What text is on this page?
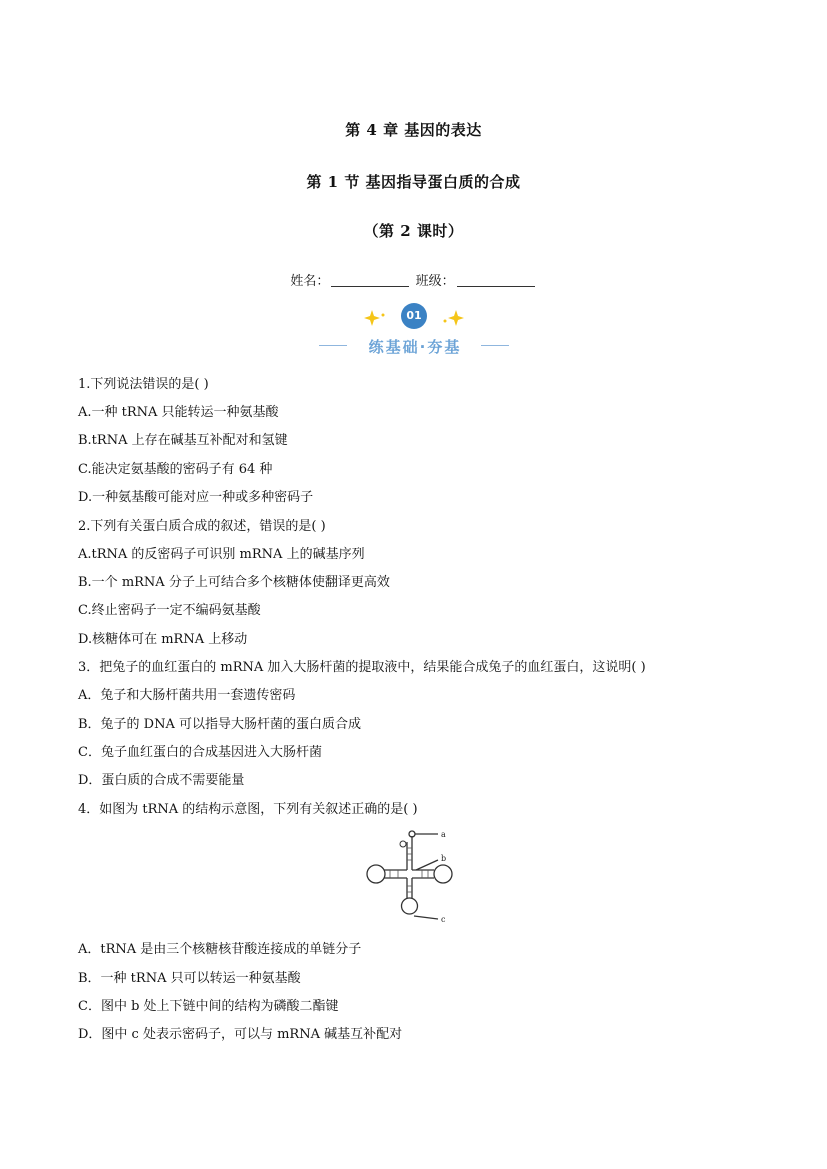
第 4 章 基因的表达
第 1 节 基因指导蛋白质的合成
（第 2 课时）
姓名：	班级：
01
练基础·夯基
1.下列说法错误的是( )
A.一种 tRNA 只能转运一种氨基酸
B.tRNA 上存在碱基互补配对和氢键
C.能决定氨基酸的密码子有 64 种
D.一种氨基酸可能对应一种或多种密码子
2.下列有关蛋白质合成的叙述，错误的是( )
A.tRNA 的反密码子可识别 mRNA 上的碱基序列
B.一个 mRNA 分子上可结合多个核糖体使翻译更高效
C.终止密码子一定不编码氨基酸
D.核糖体可在 mRNA 上移动
3．把兔子的血红蛋白的 mRNA 加入大肠杆菌的提取液中，结果能合成兔子的血红蛋白，这说明( )
A．兔子和大肠杆菌共用一套遗传密码
B．兔子的 DNA 可以指导大肠杆菌的蛋白质合成
C．兔子血红蛋白的合成基因进入大肠杆菌
D．蛋白质的合成不需要能量
4．如图为 tRNA 的结构示意图，下列有关叙述正确的是( )
a
b
c
A．tRNA 是由三个核糖核苷酸连接成的单链分子
B．一种 tRNA 只可以转运一种氨基酸
C．图中 b 处上下链中间的结构为磷酸二酯键
D．图中 c 处表示密码子，可以与 mRNA 碱基互补配对
